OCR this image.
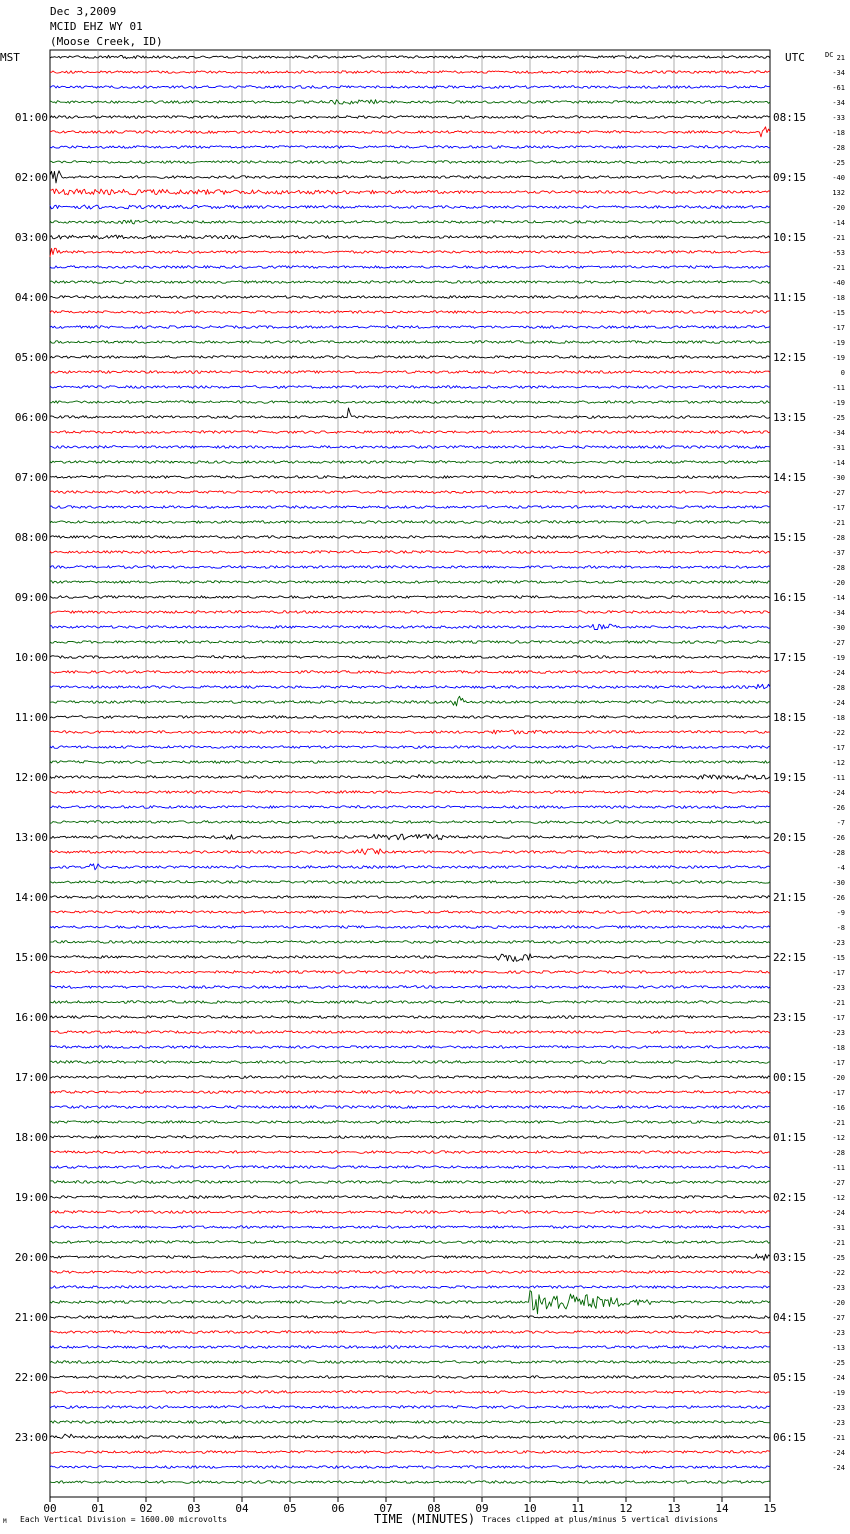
Dec 3,2009
MCID EHZ WY 01
(Moose Creek, ID)
MST	UTC	DC
00	01	02	03	04	05	06	07	08	09	10	11	12	13	14	15
21
-34
-61
-34
-33
-18
-28
-25
-40
132
-20
-14
-21
-53
-21
-40
-18
-15
-17
-19
-19
0
-11
-19
-25
-34
-31
-14
-30
-27
-17
-21
-28
-37
-28
-20
-14
-34
-30
-27
-19
-24
-28
-24
-18
-22
-17
-12
-11
-24
-26
-7
-26
-28
-4
-30
-26
-9
-8
-23
-15
-17
-23
-21
-17
-23
-18
-17
-20
-17
-16
-21
-12
-28
-11
-27
-12
-24
-31
-21
-25
-22
-23
-20
-27
-23
-13
-25
-24
-19
-23
-23
-21
-24
-24
01:00
02:00
03:00
04:00
05:00
06:00
07:00
08:00
09:00
10:00
11:00
12:00
13:00
14:00
15:00
16:00
17:00
18:00
19:00
20:00
21:00
22:00
23:00
08:15
09:15
10:15
11:15
12:15
13:15
14:15
15:15
16:15
17:15
18:15
19:15
20:15
21:15
22:15
23:15
00:15
01:15
02:15
03:15
04:15
05:15
06:15
TIME (MINUTES)
Each Vertical Division = 1600.00 microvolts	Traces clipped at plus/minus 5 vertical divisions
M
